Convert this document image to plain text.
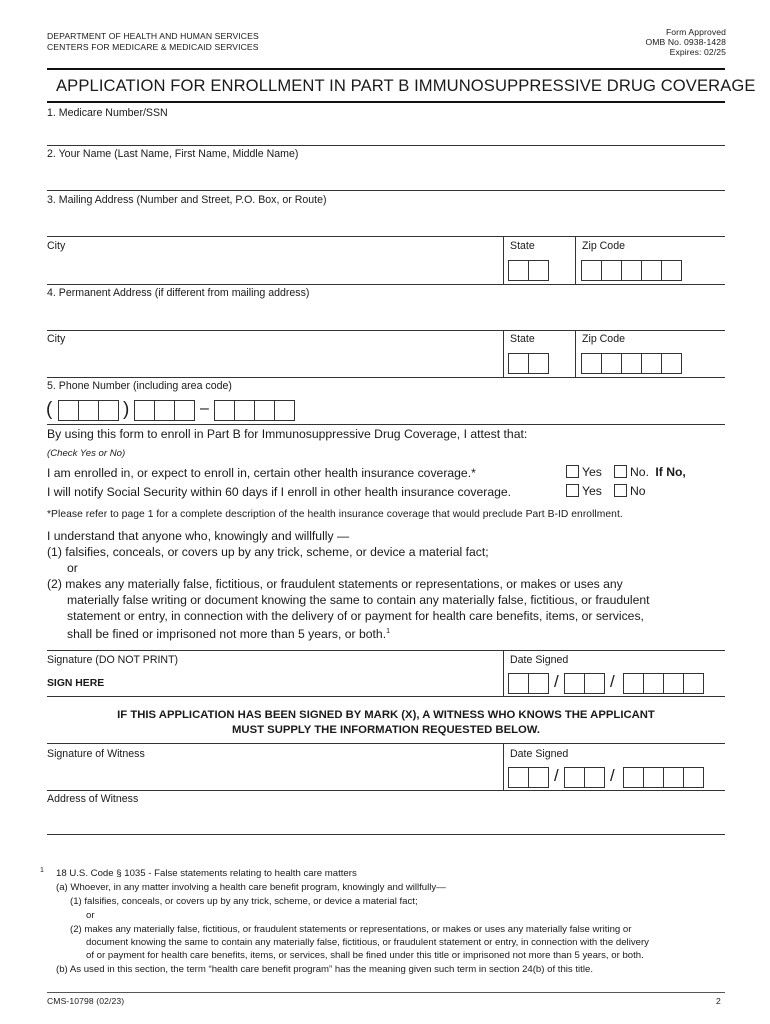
DEPARTMENT OF HEALTH AND HUMAN SERVICES
CENTERS FOR MEDICARE & MEDICAID SERVICES
Form Approved
OMB No. 0938-1428
Expires: 02/25
APPLICATION FOR ENROLLMENT IN PART B IMMUNOSUPPRESSIVE DRUG COVERAGE
1. Medicare Number/SSN
2. Your Name (Last Name, First Name, Middle Name)
3. Mailing Address (Number and Street, P.O. Box, or Route)
City	State	Zip Code
4. Permanent Address (if different from mailing address)
City	State	Zip Code
5. Phone Number (including area code)
(	)	–
By using this form to enroll in Part B for Immunosuppressive Drug Coverage, I attest that:
(Check Yes or No)
I am enrolled in, or expect to enroll in, certain other health insurance coverage.*	Yes	No. If No,
I will notify Social Security within 60 days if I enroll in other health insurance coverage.	Yes	No
*Please refer to page 1 for a complete description of the health insurance coverage that would preclude Part B-ID enrollment.
I understand that anyone who, knowingly and willfully —
(1) falsifies, conceals, or covers up by any trick, scheme, or device a material fact;
or
(2) makes any materially false, fictitious, or fraudulent statements or representations, or makes or uses any
materially false writing or document knowing the same to contain any materially false, fictitious, or fraudulent
statement or entry, in connection with the delivery of or payment for health care benefits, items, or services,
shall be fined or imprisoned not more than 5 years, or both.$^1$
Signature (DO NOT PRINT)
SIGN HERE
Date Signed
/	/
IF THIS APPLICATION HAS BEEN SIGNED BY MARK (X), A WITNESS WHO KNOWS THE APPLICANT
MUST SUPPLY THE INFORMATION REQUESTED BELOW.
Signature of Witness	Date Signed
/	/
Address of Witness
1 18 U.S. Code § 1035 - False statements relating to health care matters
(a) Whoever, in any matter involving a health care benefit program, knowingly and willfully—
(1) falsifies, conceals, or covers up by any trick, scheme, or device a material fact;
or
(2) makes any materially false, fictitious, or fraudulent statements or representations, or makes or uses any materially false writing or
document knowing the same to contain any materially false, fictitious, or fraudulent statement or entry, in connection with the delivery
of or payment for health care benefits, items, or services, shall be fined under this title or imprisoned not more than 5 years, or both.
(b) As used in this section, the term “health care benefit program” has the meaning given such term in section 24(b) of this title.
CMS-10798 (02/23)	2
